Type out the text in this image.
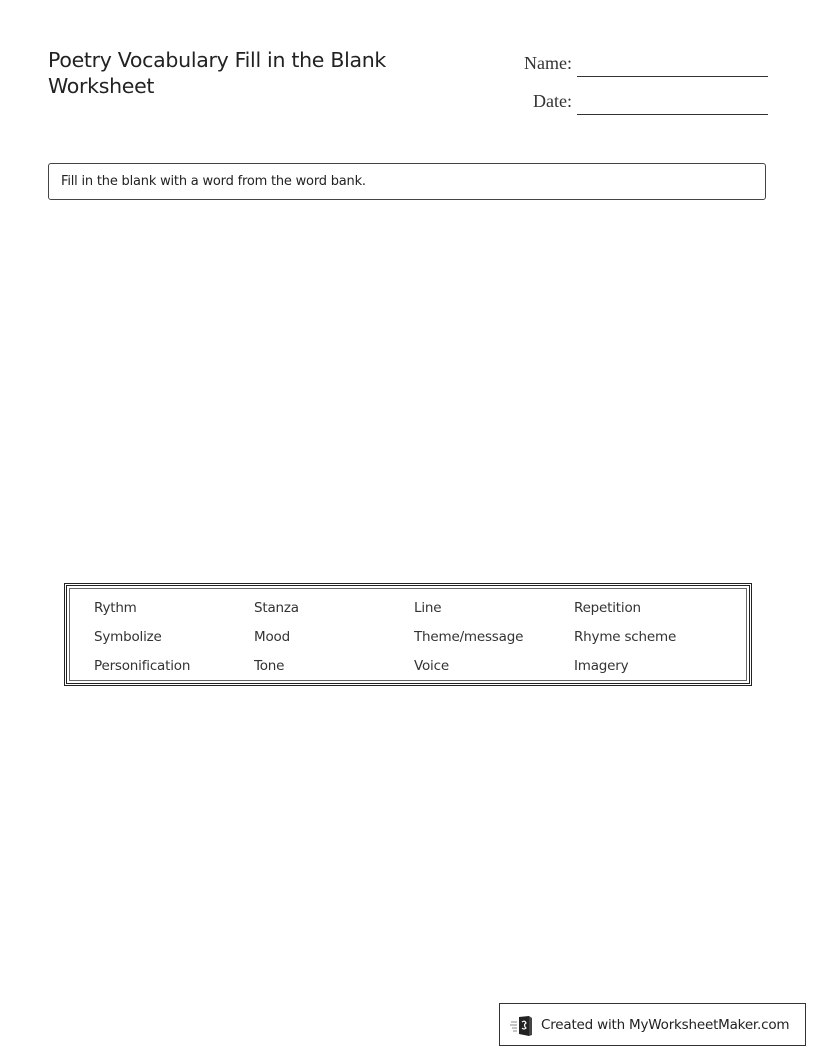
Poetry Vocabulary Fill in the Blank Worksheet
Name:
Date:
Fill in the blank with a word from the word bank.
Rythm	Stanza	Line	Repetition
Symbolize	Mood	Theme/message	Rhyme scheme
Personification	Tone	Voice	Imagery
Created with MyWorksheetMaker.com
